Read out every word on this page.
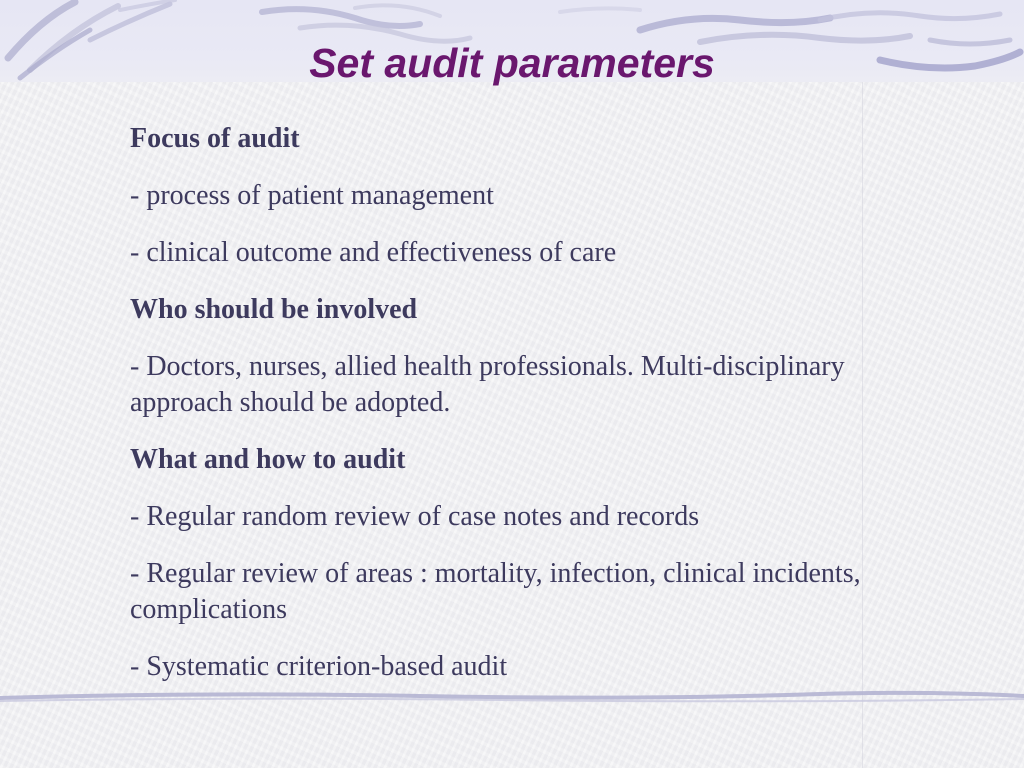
Set audit parameters

Focus of audit

- process of patient management

- clinical outcome and effectiveness of care

Who should be involved

- Doctors, nurses, allied health professionals. Multi-disciplinary approach should be adopted.

What and how to audit

- Regular random review of case notes and records

- Regular review of areas : mortality, infection, clinical incidents, complications

- Systematic criterion-based audit
